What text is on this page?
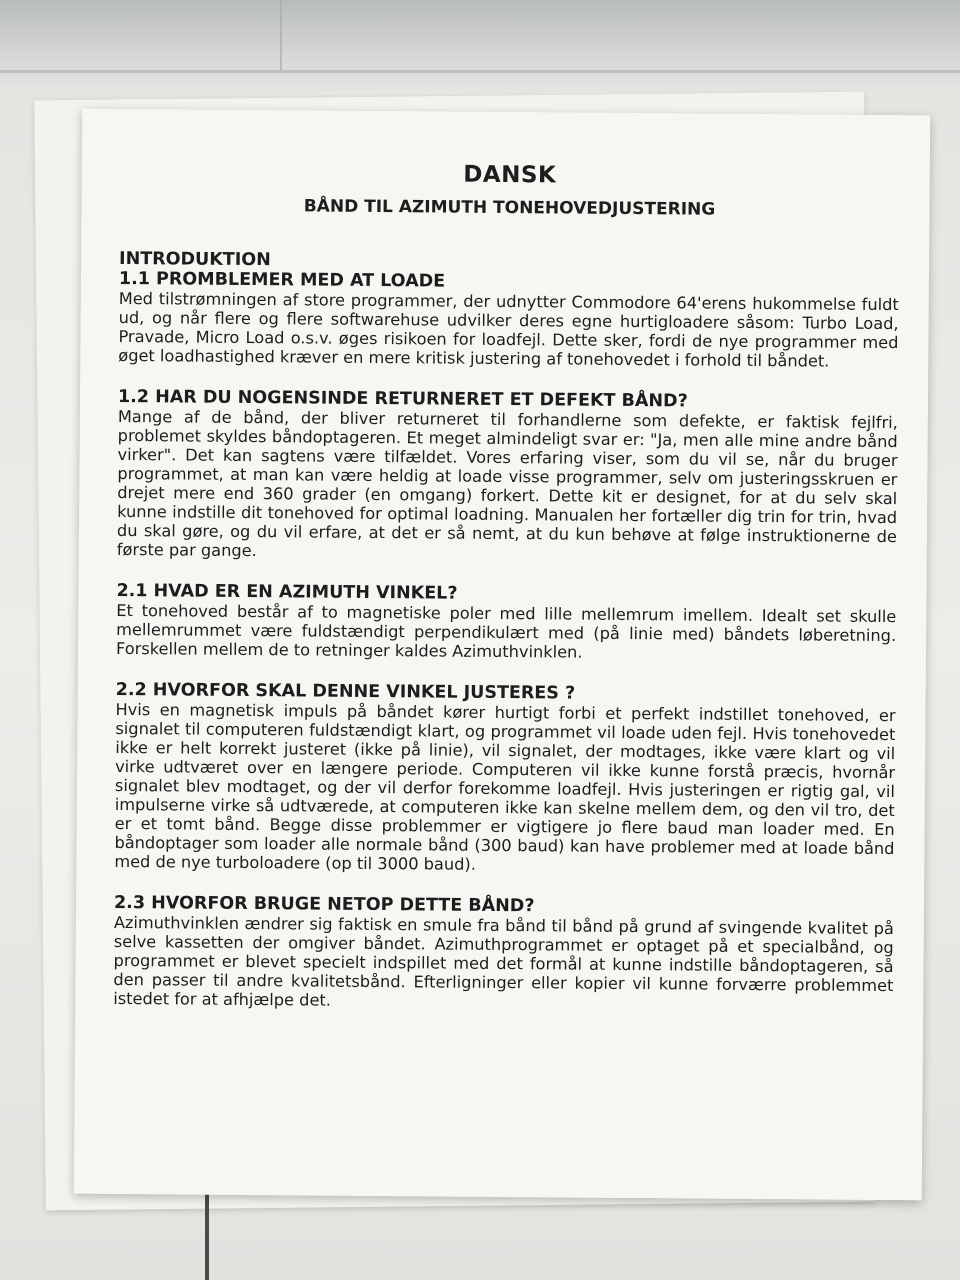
DANSK
BÅND TIL AZIMUTH TONEHOVEDJUSTERING
INTRODUKTION
1.1 PROMBLEMER MED AT LOADE

Med tilstrømningen af store programmer, der udnytter Commodore 64'erens hukommelse fuldt ud, og når flere og flere softwarehuse udvilker deres egne hurtigloadere såsom: Turbo Load, Pravade, Micro Load o.s.v. øges risikoen for loadfejl. Dette sker, fordi de nye programmer med øget loadhastighed kræver en mere kritisk justering af tonehovedet i forhold til båndet.

1.2 HAR DU NOGENSINDE RETURNERET ET DEFEKT BÅND?

Mange af de bånd, der bliver returneret til forhandlerne som defekte, er faktisk fejlfri, problemet skyldes båndoptageren. Et meget almindeligt svar er: "Ja, men alle mine andre bånd virker". Det kan sagtens være tilfældet. Vores erfaring viser, som du vil se, når du bruger programmet, at man kan være heldig at loade visse programmer, selv om justeringsskruen er drejet mere end 360 grader (en omgang) forkert. Dette kit er designet, for at du selv skal kunne indstille dit tonehoved for optimal loadning. Manualen her fortæller dig trin for trin, hvad du skal gøre, og du vil erfare, at det er så nemt, at du kun behøve at følge instruktionerne de første par gange.

2.1 HVAD ER EN AZIMUTH VINKEL?

Et tonehoved består af to magnetiske poler med lille mellemrum imellem. Idealt set skulle mellemrummet være fuldstændigt perpendikulært med (på linie med) båndets løberetning. Forskellen mellem de to retninger kaldes Azimuthvinklen.

2.2 HVORFOR SKAL DENNE VINKEL JUSTERES ?

Hvis en magnetisk impuls på båndet kører hurtigt forbi et perfekt indstillet tonehoved, er signalet til computeren fuldstændigt klart, og programmet vil loade uden fejl. Hvis tonehovedet ikke er helt korrekt justeret (ikke på linie), vil signalet, der modtages, ikke være klart og vil virke udtværet over en længere periode. Computeren vil ikke kunne forstå præcis, hvornår signalet blev modtaget, og der vil derfor forekomme loadfejl. Hvis justeringen er rigtig gal, vil impulserne virke så udtværede, at computeren ikke kan skelne mellem dem, og den vil tro, det er et tomt bånd. Begge disse problemmer er vigtigere jo flere baud man loader med. En båndoptager som loader alle normale bånd (300 baud) kan have problemer med at loade bånd med de nye turboloadere (op til 3000 baud).

2.3 HVORFOR BRUGE NETOP DETTE BÅND?

Azimuthvinklen ændrer sig faktisk en smule fra bånd til bånd på grund af svingende kvalitet på selve kassetten der omgiver båndet. Azimuthprogrammet er optaget på et specialbånd, og programmet er blevet specielt indspillet med det formål at kunne indstille båndoptageren, så den passer til andre kvalitetsbånd. Efterligninger eller kopier vil kunne forværre problemmet istedet for at afhjælpe det.
